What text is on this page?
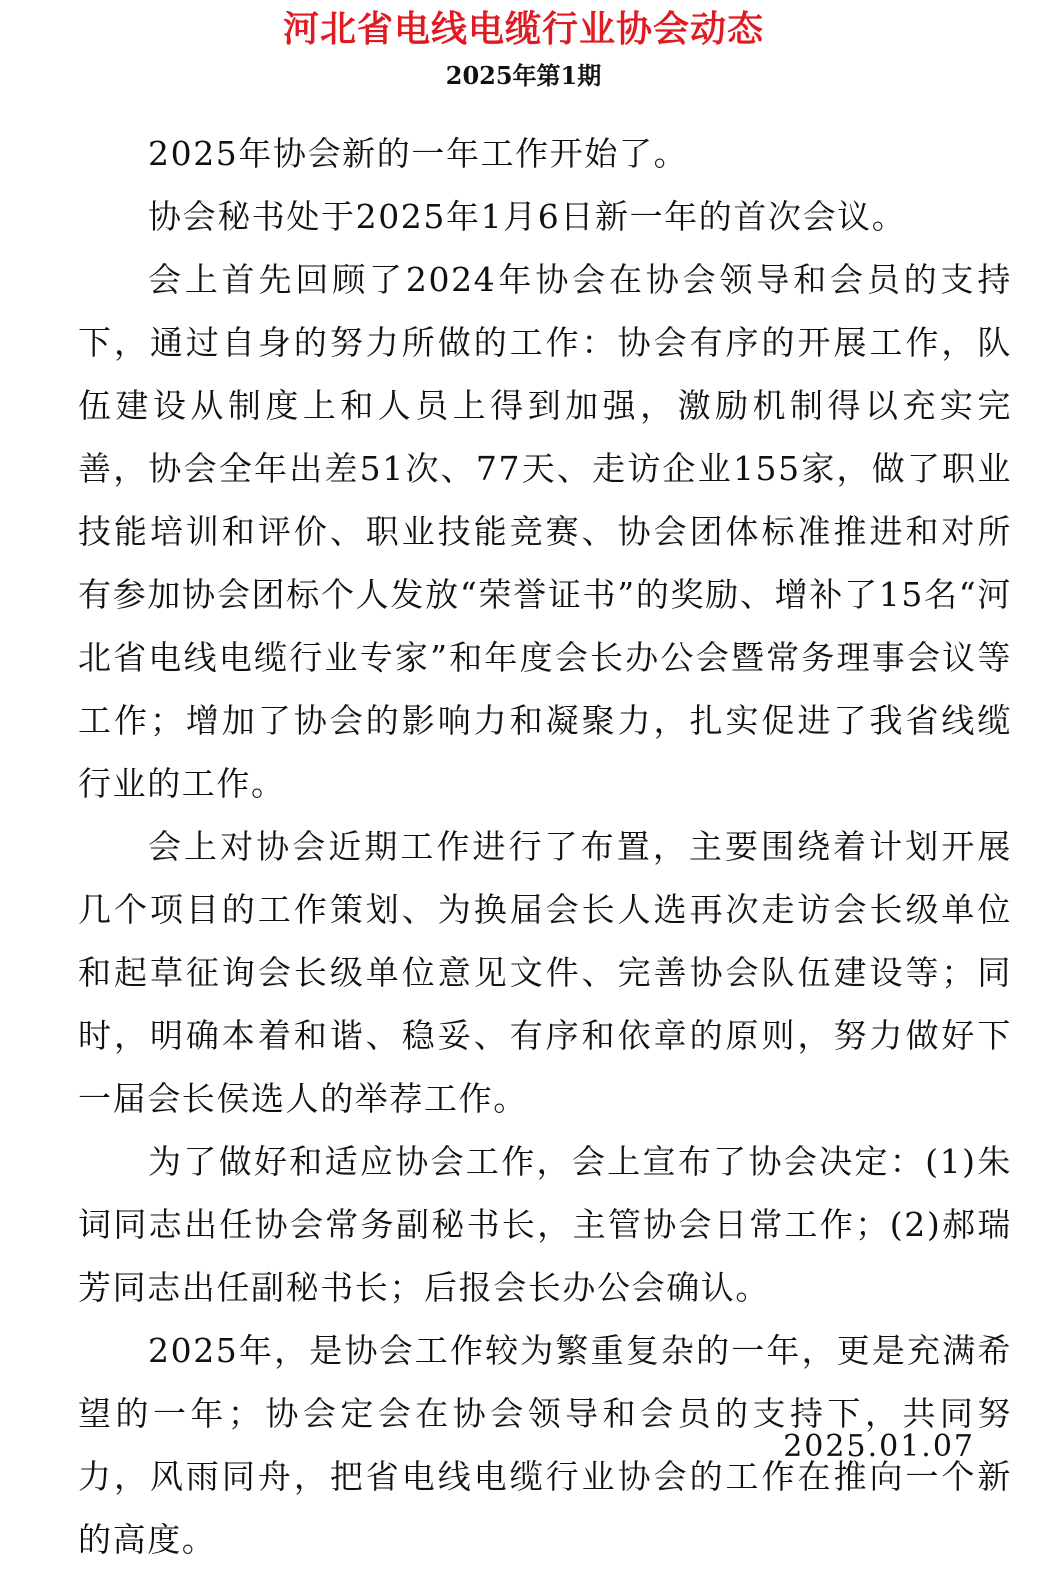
河北省电线电缆行业协会动态
2025年第1期

2025年协会新的一年工作开始了。

协会秘书处于2025年1月6日新一年的首次会议。

会上首先回顾了2024年协会在协会领导和会员的支持下，通过自身的努力所做的工作：协会有序的开展工作，队伍建设从制度上和人员上得到加强，激励机制得以充实完善，协会全年出差51次、77天、走访企业155家，做了职业技能培训和评价、职业技能竞赛、协会团体标准推进和对所有参加协会团标个人发放“荣誉证书”的奖励、增补了15名“河北省电线电缆行业专家”和年度会长办公会暨常务理事会议等工作；增加了协会的影响力和凝聚力，扎实促进了我省线缆行业的工作。

会上对协会近期工作进行了布置，主要围绕着计划开展几个项目的工作策划、为换届会长人选再次走访会长级单位和起草征询会长级单位意见文件、完善协会队伍建设等；同时，明确本着和谐、稳妥、有序和依章的原则，努力做好下一届会长侯选人的举荐工作。

为了做好和适应协会工作，会上宣布了协会决定：(1)朱词同志出任协会常务副秘书长，主管协会日常工作；(2)郝瑞芳同志出任副秘书长；后报会长办公会确认。

2025年，是协会工作较为繁重复杂的一年，更是充满希望的一年；协会定会在协会领导和会员的支持下，共同努力，风雨同舟，把省电线电缆行业协会的工作在推向一个新的高度。

2025.01.07
